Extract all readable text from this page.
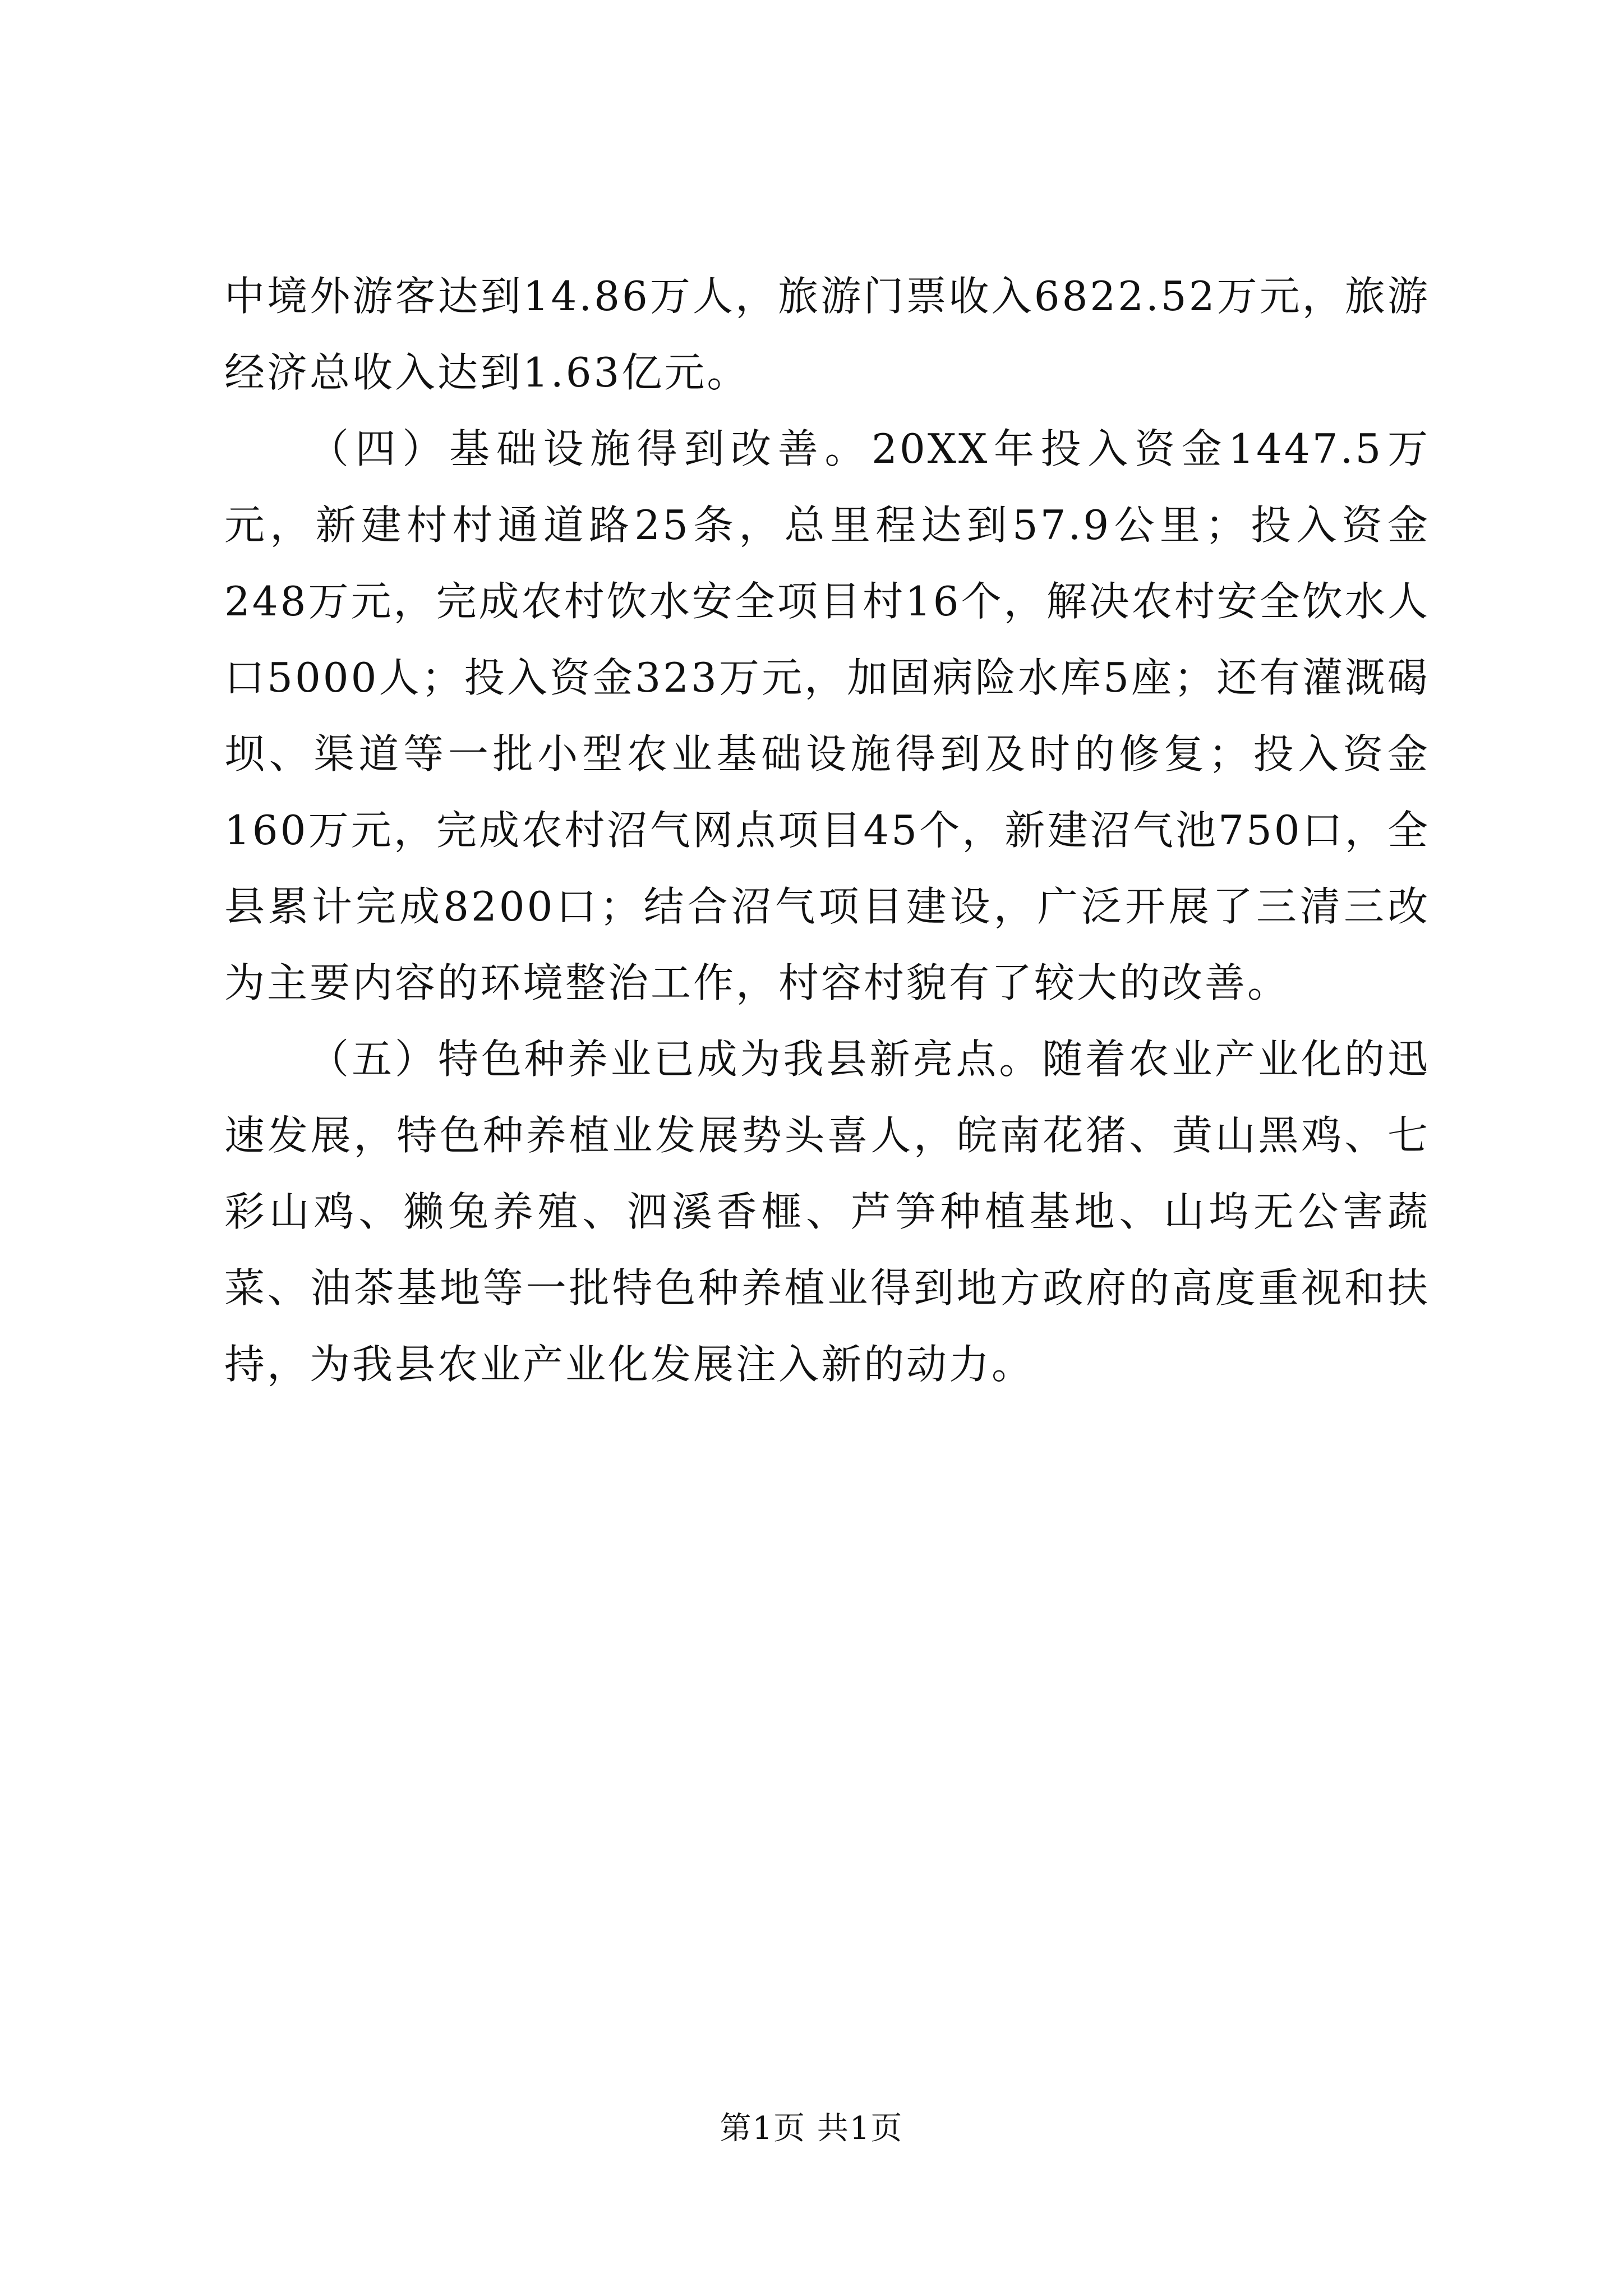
中境外游客达到14.86万人，旅游门票收入6822.52万元，旅游经济总收入达到1.63亿元。

（四）基础设施得到改善。20XX年投入资金1447.5万元，新建村村通道路25条，总里程达到57.9公里；投入资金248万元，完成农村饮水安全项目村16个，解决农村安全饮水人口5000人；投入资金323万元，加固病险水库5座；还有灌溉碣坝、渠道等一批小型农业基础设施得到及时的修复；投入资金160万元，完成农村沼气网点项目45个，新建沼气池750口，全县累计完成8200口；结合沼气项目建设，广泛开展了三清三改为主要内容的环境整治工作，村容村貌有了较大的改善。

（五）特色种养业已成为我县新亮点。随着农业产业化的迅速发展，特色种养植业发展势头喜人，皖南花猪、黄山黑鸡、七彩山鸡、獭兔养殖、泗溪香榧、芦笋种植基地、山坞无公害蔬菜、油茶基地等一批特色种养植业得到地方政府的高度重视和扶持，为我县农业产业化发展注入新的动力。

第1页 共1页
